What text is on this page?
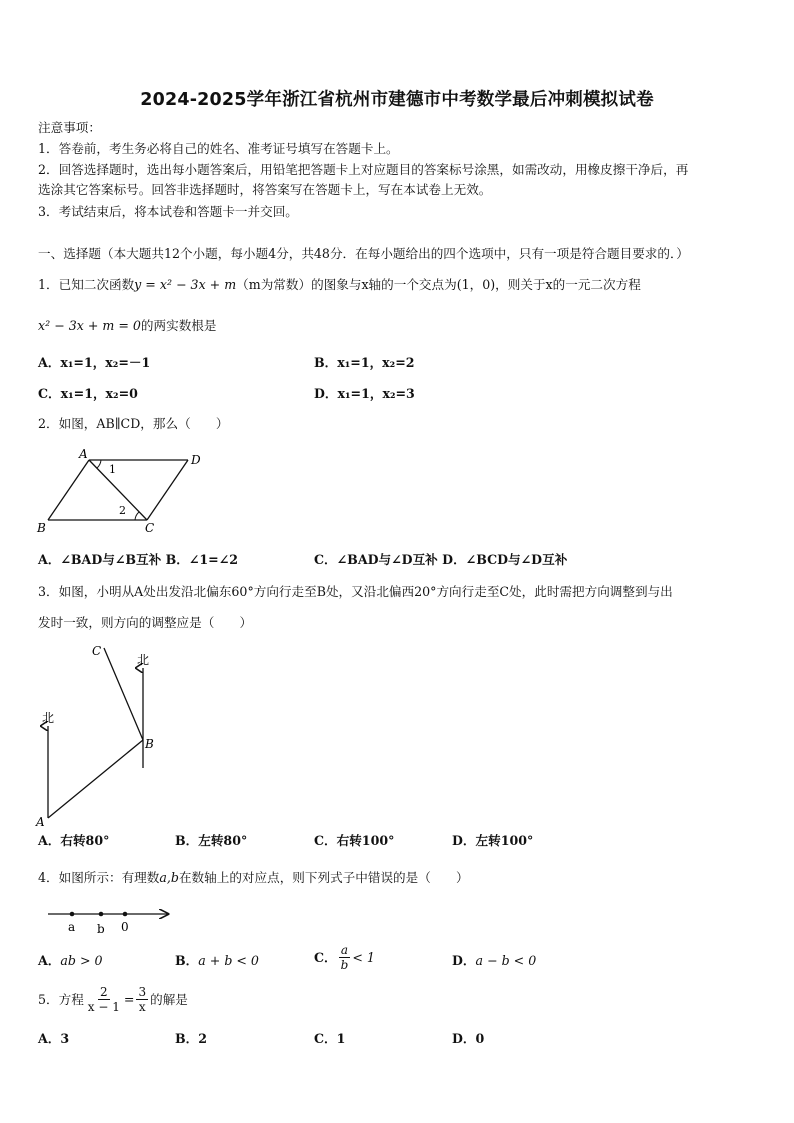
2024-2025学年浙江省杭州市建德市中考数学最后冲刺模拟试卷
注意事项：
1．答卷前，考生务必将自己的姓名、准考证号填写在答题卡上。
2．回答选择题时，选出每小题答案后，用铅笔把答题卡上对应题目的答案标号涂黑，如需改动，用橡皮擦干净后，再
选涂其它答案标号。回答非选择题时，将答案写在答题卡上，写在本试卷上无效。
3．考试结束后，将本试卷和答题卡一并交回。
一、选择题（本大题共12个小题，每小题4分，共48分．在每小题给出的四个选项中，只有一项是符合题目要求的．）
1．已知二次函数y = x² − 3x + m（m为常数）的图象与x轴的一个交点为(1，0)，则关于x的一元二次方程
x² − 3x + m = 0的两实数根是
A．x₁=1，x₂=－1	B．x₁=1，x₂=2
C．x₁=1，x₂=0	D．x₁=1，x₂=3
2．如图，AB∥CD，那么（　　）
A	D
B	C
1
2
A．∠BAD与∠B互补 B．∠1=∠2	C．∠BAD与∠D互补 D．∠BCD与∠D互补
3．如图，小明从A处出发沿北偏东60°方向行走至B处，又沿北偏西20°方向行走至C处，此时需把方向调整到与出
发时一致，则方向的调整应是（　　）
北
北
A
B
C
A．右转80°	B．左转80°	C．右转100°	D．左转100°
4．如图所示：有理数a,b在数轴上的对应点，则下列式子中错误的是（　　）
a b 0
A．ab > 0	B．a + b < 0	C． $\frac{a}{b} < 1$	D．a − b < 0
5．方程 $\frac{2}{x - 1} = \frac{3}{x}$ 的解是
A．3	B．2	C．1	D．0
